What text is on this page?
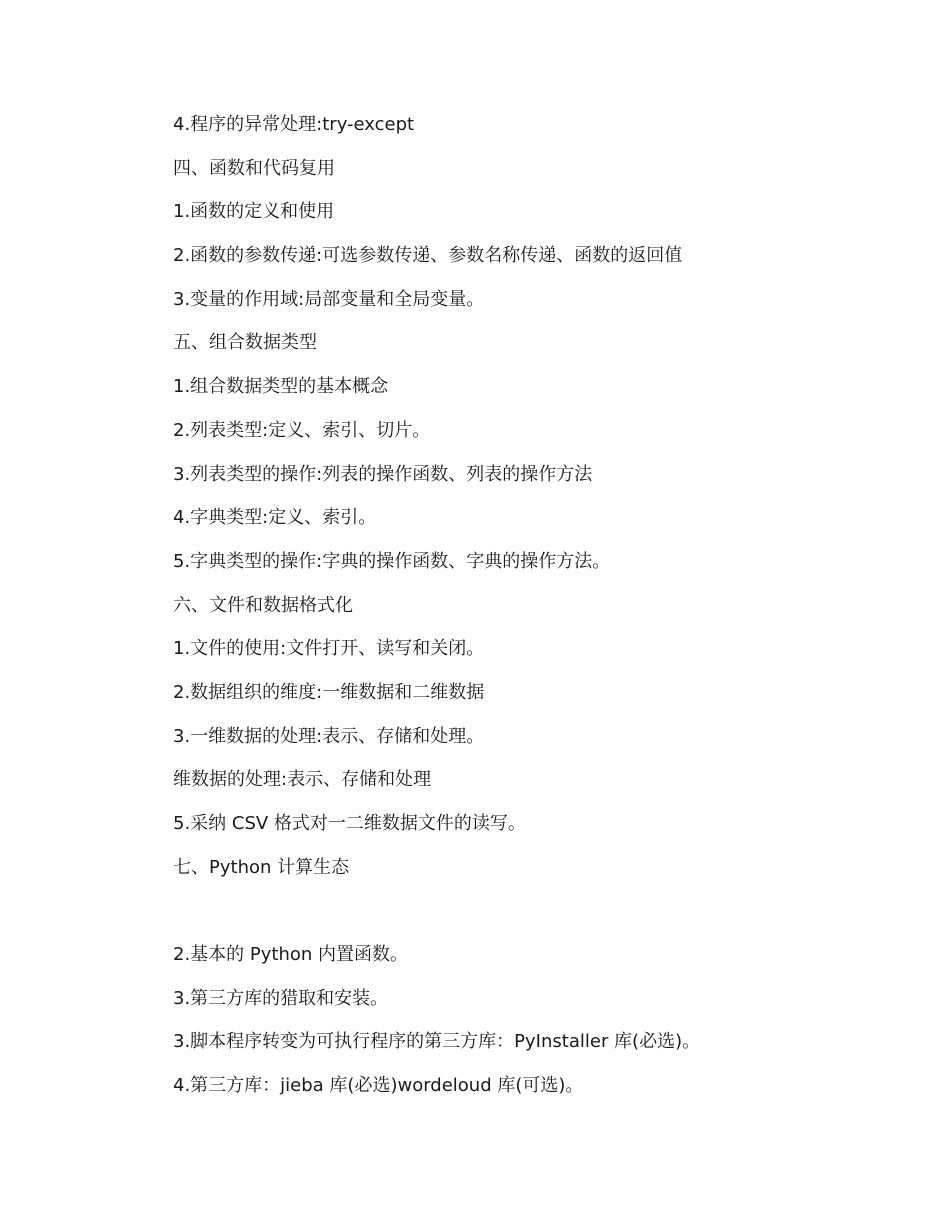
4.程序的异常处理:try-except
四、函数和代码复用
1.函数的定义和使用
2.函数的参数传递:可选参数传递、参数名称传递、函数的返回值
3.变量的作用域:局部变量和全局变量。
五、组合数据类型
1.组合数据类型的基本概念
2.列表类型:定义、索引、切片。
3.列表类型的操作:列表的操作函数、列表的操作方法
4.字典类型:定义、索引。
5.字典类型的操作:字典的操作函数、字典的操作方法。
六、文件和数据格式化
1.文件的使用:文件打开、读写和关闭。
2.数据组织的维度:一维数据和二维数据
3.一维数据的处理:表示、存储和处理。
维数据的处理:表示、存储和处理
5.采纳 CSV 格式对一二维数据文件的读写。
七、Python 计算生态
2.基本的 Python 内置函数。
3.第三方库的猎取和安装。
3.脚本程序转变为可执行程序的第三方库：PyInstaller 库(必选)。
4.第三方库：jieba 库(必选)wordeloud 库(可选)。
